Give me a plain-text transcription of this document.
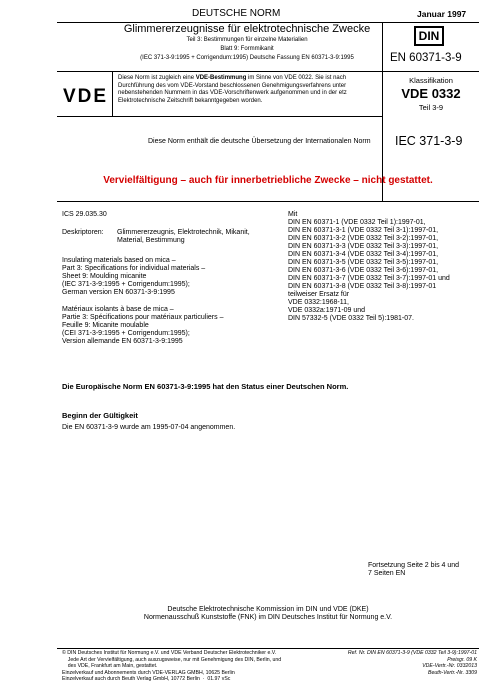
DEUTSCHE NORM	Januar 1997
Glimmererzeugnisse für elektrotechnische Zwecke
Teil 3: Bestimmungen für einzelne Materialien
Blatt 9: Formmikanit
(IEC 371-3-9:1995 + Corrigendum:1995) Deutsche Fassung EN 60371-3-9:1995
DIN
EN 60371-3-9
VDE
Diese Norm ist zugleich eine VDE-Bestimmung im Sinne von VDE 0022. Sie ist nach Durchführung des vom VDE-Vorstand beschlossenen Genehmigungsverfahrens unter nebenstehenden Nummern in das VDE-Vorschriftenwerk aufgenommen und in der etz Elektrotechnische Zeitschrift bekanntgegeben worden.
Klassifikation
VDE 0332
Teil 3-9
Diese Norm enthält die deutsche Übersetzung der Internationalen Norm IEC 371-3-9
Vervielfältigung – auch für innerbetriebliche Zwecke – nicht gestattet.
ICS 29.035.30
Deskriptoren: Glimmererzeugnis, Elektrotechnik, Mikanit,
Material, Bestimmung
Insulating materials based on mica –
Part 3: Specifications for individual materials –
Sheet 9: Moulding micanite
(IEC 371-3-9:1995 + Corrigendum:1995);
German version EN 60371-3-9:1995
Matériaux isolants à base de mica –
Partie 3: Spécifications pour matériaux particuliers –
Feuille 9: Micanite moulable
(CEI 371-3-9:1995 + Corrigendum:1995);
Version allemande EN 60371-3-9:1995
Mit
DIN EN 60371-1 (VDE 0332 Teil 1):1997-01,
DIN EN 60371-3-1 (VDE 0332 Teil 3-1):1997-01,
DIN EN 60371-3-2 (VDE 0332 Teil 3-2):1997-01,
DIN EN 60371-3-3 (VDE 0332 Teil 3-3):1997-01,
DIN EN 60371-3-4 (VDE 0332 Teil 3-4):1997-01,
DIN EN 60371-3-5 (VDE 0332 Teil 3-5):1997-01,
DIN EN 60371-3-6 (VDE 0332 Teil 3-6):1997-01,
DIN EN 60371-3-7 (VDE 0332 Teil 3-7):1997-01 und
DIN EN 60371-3-8 (VDE 0332 Teil 3-8):1997-01
teilweiser Ersatz für
VDE 0332:1968-11,
VDE 0332a:1971-09 und
DIN 57332-5 (VDE 0332 Teil 5):1981-07.
Die Europäische Norm EN 60371-3-9:1995 hat den Status einer Deutschen Norm.
Beginn der Gültigkeit
Die EN 60371-3-9 wurde am 1995-07-04 angenommen.
Fortsetzung Seite 2 bis 4 und
7 Seiten EN
Deutsche Elektrotechnische Kommission im DIN und VDE (DKE)
Normenausschuß Kunststoffe (FNK) im DIN Deutsches Institut für Normung e.V.
© DIN Deutsches Institut für Normung e.V. und VDE Verband Deutscher Elektrotechniker e.V.
Jede Art der Vervielfältigung, auch auszugsweise, nur mit Genehmigung des DIN, Berlin, und
des VDE, Frankfurt am Main, gestattet.
Einzelverkauf und Abonnements durch VDE-VERLAG GMBH, 10625 Berlin
Einzelverkauf auch durch Beuth Verlag GmbH, 10772 Berlin  ·  01.97 vSc
Ref. Nr. DIN EN 60371-3-9 (VDE 0332 Teil 3-9):1997-01
Preisgr. 09 K
VDE-Vertr.-Nr. 0332013
Beuth-Vertr.-Nr. 3309
